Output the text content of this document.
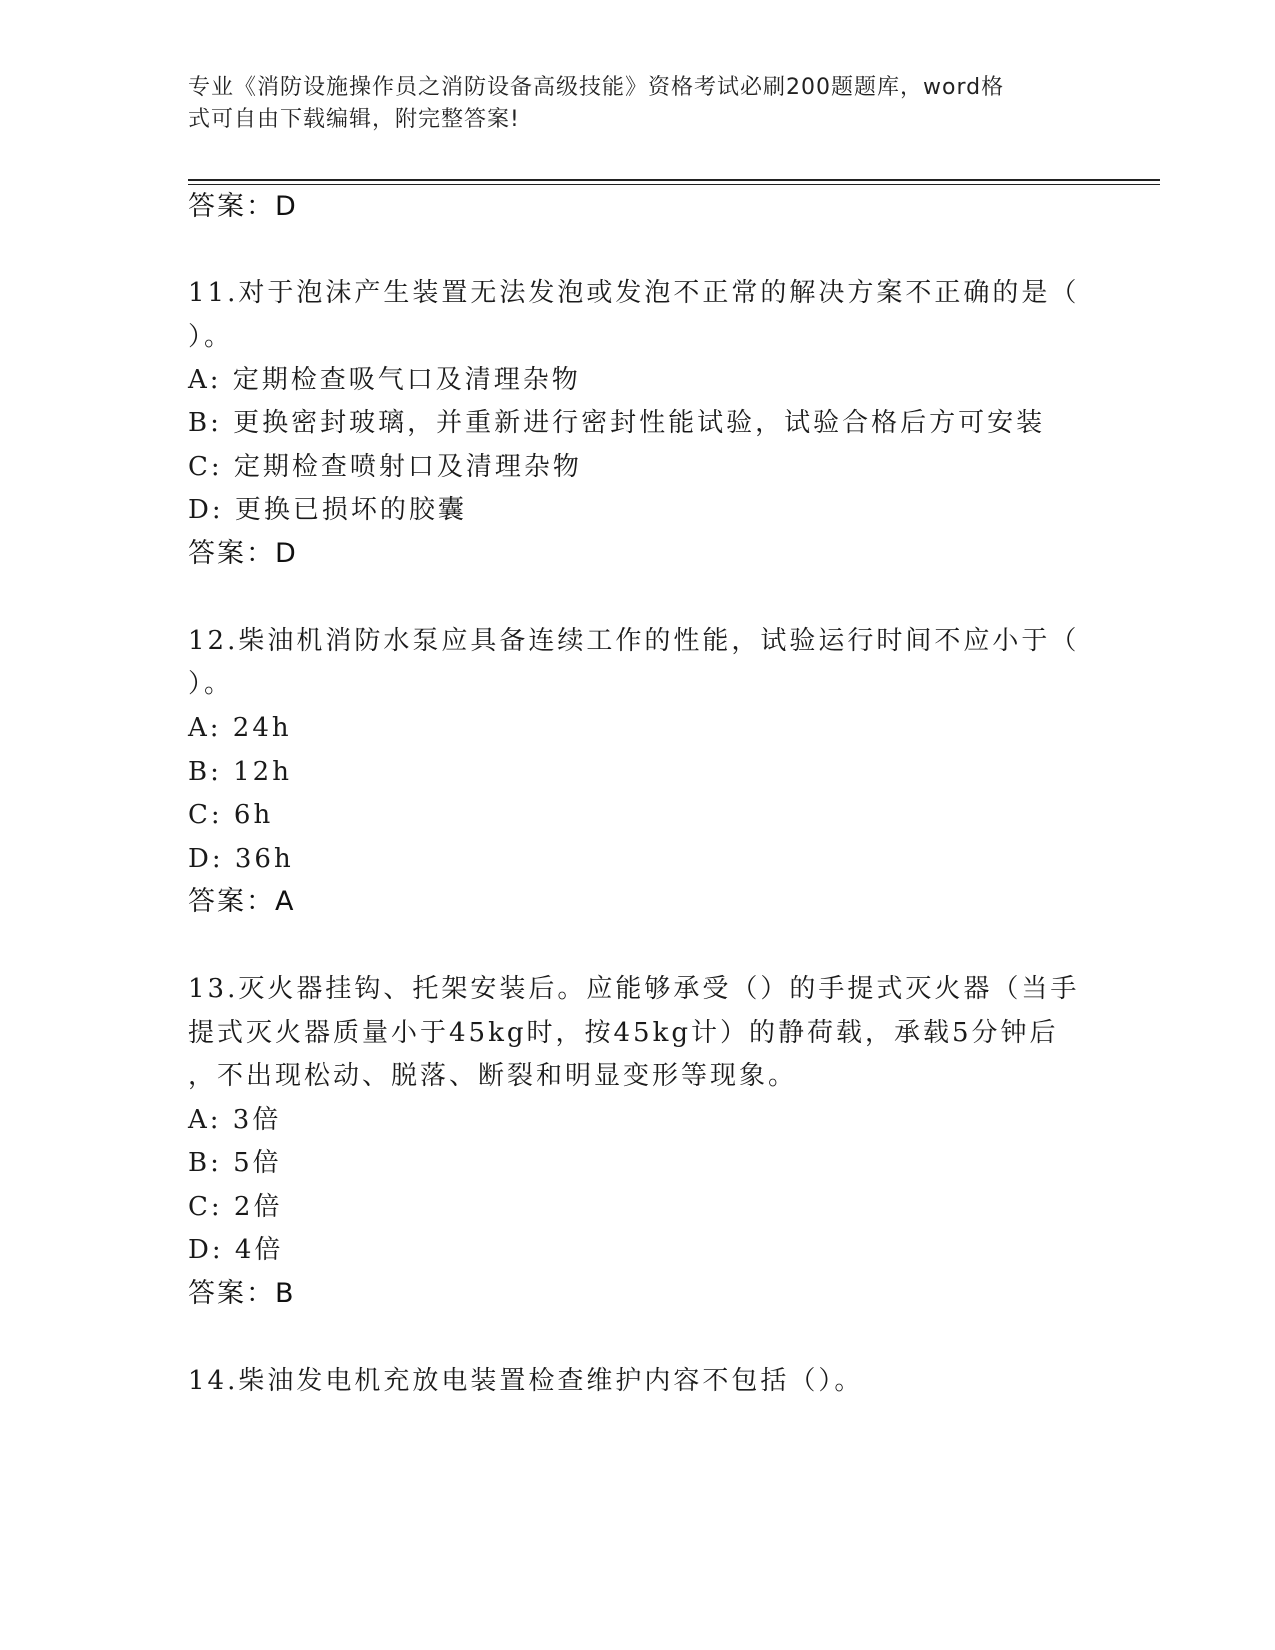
专业《消防设施操作员之消防设备高级技能》资格考试必刷200题题库，word格
式可自由下载编辑，附完整答案!
答案：D
11.对于泡沫产生装置无法发泡或发泡不正常的解决方案不正确的是（
）。
A: 定期检查吸气口及清理杂物
B: 更换密封玻璃，并重新进行密封性能试验，试验合格后方可安装
C: 定期检查喷射口及清理杂物
D: 更换已损坏的胶囊
答案：D
12.柴油机消防水泵应具备连续工作的性能，试验运行时间不应小于（
）。
A: 24h
B: 12h
C: 6h
D: 36h
答案：A
13.灭火器挂钩、托架安装后。应能够承受（）的手提式灭火器（当手
提式灭火器质量小于45kg时，按45kg计）的静荷载，承载5分钟后
，不出现松动、脱落、断裂和明显变形等现象。
A: 3倍
B: 5倍
C: 2倍
D: 4倍
答案：B
14.柴油发电机充放电装置检查维护内容不包括（）。
